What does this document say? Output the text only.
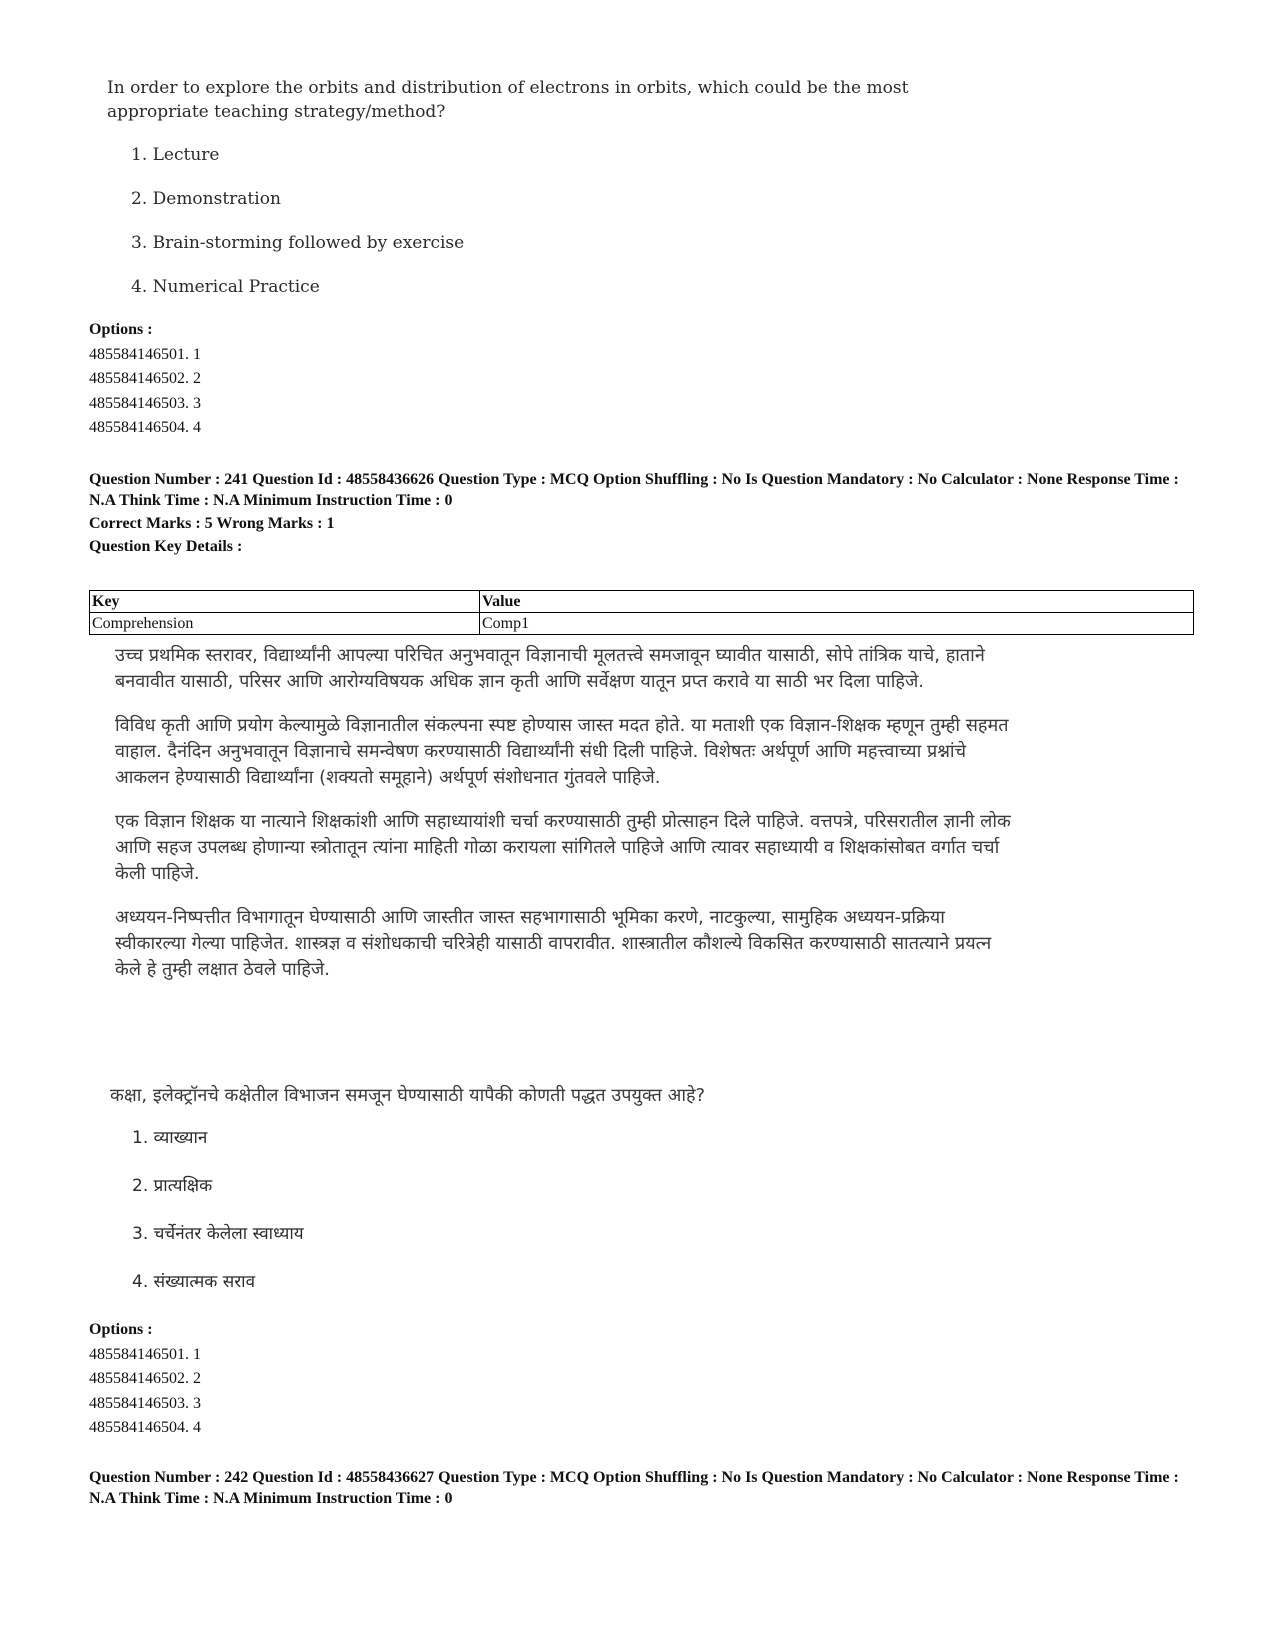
In order to explore the orbits and distribution of electrons in orbits, which could be the most appropriate teaching strategy/method?

1. Lecture
2. Demonstration
3. Brain-storming followed by exercise
4. Numerical Practice
Options :
485584146501. 1
485584146502. 2
485584146503. 3
485584146504. 4
Question Number : 241 Question Id : 48558436626 Question Type : MCQ Option Shuffling : No Is Question Mandatory : No Calculator : None Response Time : N.A Think Time : N.A Minimum Instruction Time : 0
Correct Marks : 5 Wrong Marks : 1
Question Key Details :
Key	Value
Comprehension	Comp1

उच्च प्रथमिक स्तरावर, विद्यार्थ्यांनी आपल्या परिचित अनुभवातून विज्ञानाची मूलतत्त्वे समजावून घ्यावीत यासाठी, सोपे तांत्रिक याचे, हाताने बनवावीत यासाठी, परिसर आणि आरोग्यविषयक अधिक ज्ञान कृती आणि सर्वेक्षण यातून प्रप्त करावे या साठी भर दिला पाहिजे.

विविध कृती आणि प्रयोग केल्यामुळे विज्ञानातील संकल्पना स्पष्ट होण्यास जास्त मदत होते. या मताशी एक विज्ञान-शिक्षक म्हणून तुम्ही सहमत वाहाल. दैनंदिन अनुभवातून विज्ञानाचे समन्वेषण करण्यासाठी विद्यार्थ्यांनी संधी दिली पाहिजे. विशेषतः अर्थपूर्ण आणि महत्त्वाच्या प्रश्नांचे आकलन हेण्यासाठी विद्यार्थ्यांना (शक्यतो समूहाने) अर्थपूर्ण संशोधनात गुंतवले पाहिजे.

एक विज्ञान शिक्षक या नात्याने शिक्षकांशी आणि सहाध्यायांशी चर्चा करण्यासाठी तुम्ही प्रोत्साहन दिले पाहिजे. वत्तपत्रे, परिसरातील ज्ञानी लोक आणि सहज उपलब्ध होणान्या स्त्रोतातून त्यांना माहिती गोळा करायला सांगितले पाहिजे आणि त्यावर सहाध्यायी व शिक्षकांसोबत वर्गात चर्चा केली पाहिजे.

अध्ययन-निष्पत्तीत विभागातून घेण्यासाठी आणि जास्तीत जास्त सहभागासाठी भूमिका करणे, नाटकुल्या, सामुहिक अध्ययन-प्रक्रिया स्वीकारल्या गेल्या पाहिजेत. शास्त्रज्ञ व संशोधकाची चरित्रेही यासाठी वापरावीत. शास्त्रातील कौशल्ये विकसित करण्यासाठी सातत्याने प्रयत्न केले हे तुम्ही लक्षात ठेवले पाहिजे.

कक्षा, इलेक्ट्रॉनचे कक्षेतील विभाजन समजून घेण्यासाठी यापैकी कोणती पद्धत उपयुक्त आहे?

1. व्याख्यान
2. प्रात्यक्षिक
3. चर्चेनंतर केलेला स्वाध्याय
4. संख्यात्मक सराव
Options :
485584146501. 1
485584146502. 2
485584146503. 3
485584146504. 4
Question Number : 242 Question Id : 48558436627 Question Type : MCQ Option Shuffling : No Is Question Mandatory : No Calculator : None Response Time : N.A Think Time : N.A Minimum Instruction Time : 0
